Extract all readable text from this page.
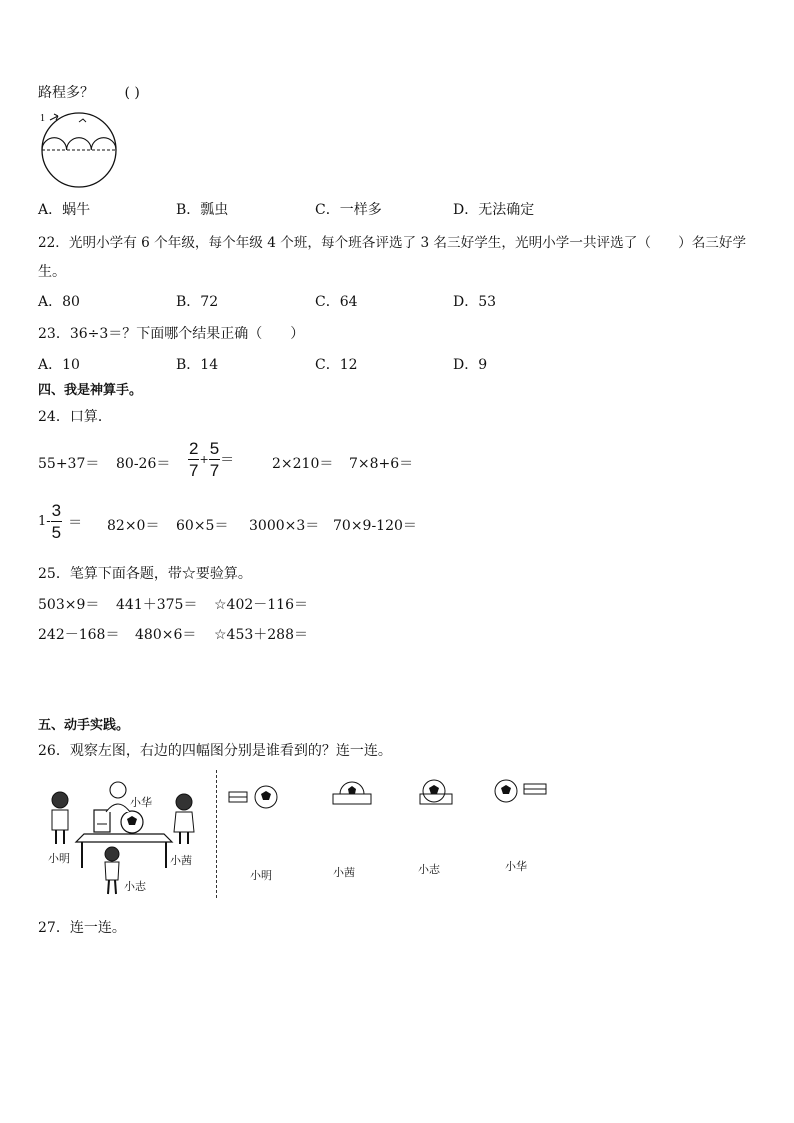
路程多？ ( )
1
A．蜗牛	B．瓢虫	C．一样多	D．无法确定
22．光明小学有 6 个年级，每个年级 4 个班，每个班各评选了 3 名三好学生，光明小学一共评选了（　　）名三好学
生。
A．80	B．72	C．64	D．53
23．36÷3＝？下面哪个结果正确（　　）
A．10	B．14	C．12	D．9
四、我是神算手。
24．口算．
$55+37= 80-26= \frac{2}{7} + \frac{5}{7}$ ＝	2×210＝ 7×8+6＝
$1- \frac{3}{5} = 82\times 0= 60\times 5= 3000\times 3= 70\times 9-120=$
25．笔算下面各题，带☆要验算。
503×9＝ 441＋375＝ ☆402－116＝
242－168＝ 480×6＝ ☆453＋288＝
五、动手实践。
26．观察左图，右边的四幅图分别是谁看到的？连一连。
小华
小明	小茜
小志
小明	小茜	小志	小华
27．连一连。
